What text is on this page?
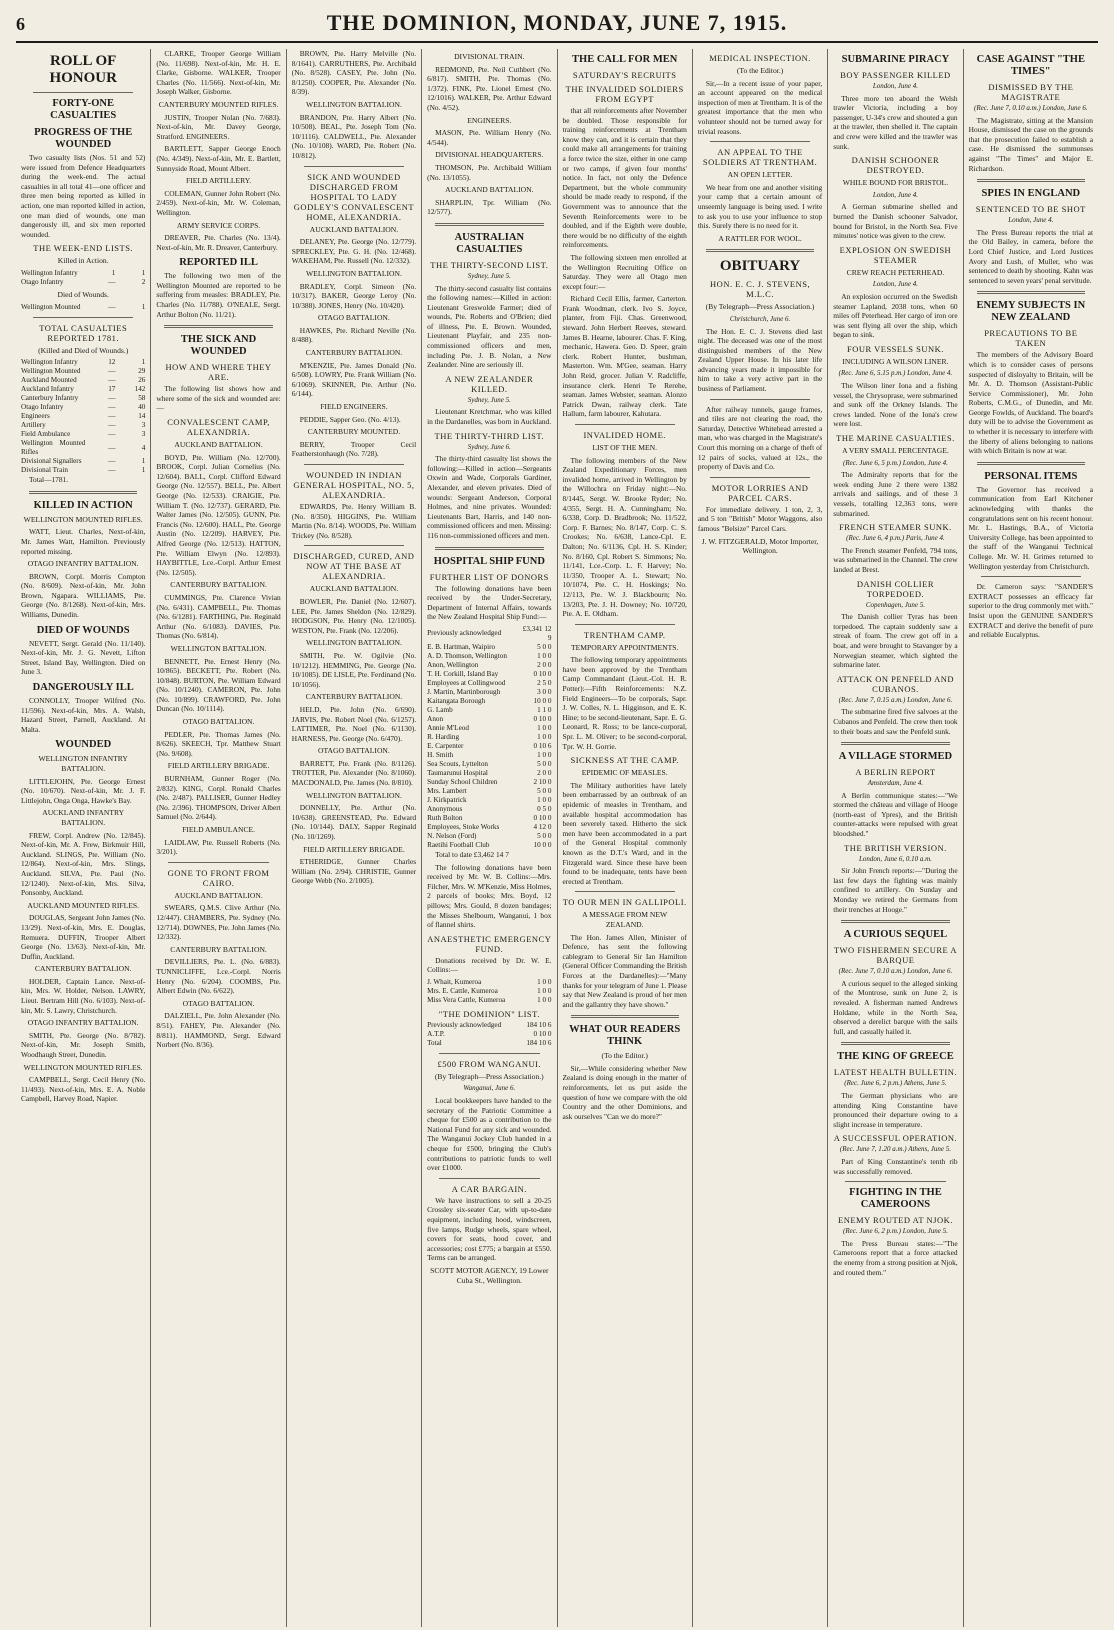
6	THE DOMINION, MONDAY, JUNE 7, 1915.
ROLL OF HONOUR
FORTY-ONE CASUALTIES
PROGRESS OF THE WOUNDED

Two casualty lists (Nos. 51 and 52) were issued from Defence Headquarters during the week-end. The actual casualties in all total 41—one officer and three men being reported as killed in action, one man reported killed in action, one man died of wounds, one man dangerously ill, and six men reported wounded.

THE WEEK-END LISTS.
Killed in Action.
Wellington Infantry	1	1
Otago Infantry	—	2
Died of Wounds.
Wellington Mounted	—	1
TOTAL CASUALTIES REPORTED 1781.
(Killed and Died of Wounds.)
Wellington Infantry	12	1
Wellington Mounted	—	29
Auckland Mounted	—	26
Auckland Infantry	17	142
Canterbury Infantry	—	58
Otago Infantry	—	40
Engineers	—	14
Artillery	—	3
Field Ambulance	—	3
Wellington Mounted Rifles	—	4
Divisional Signallers	—	1
Divisional Train	—	1

Total—1781.

KILLED IN ACTION
WELLINGTON MOUNTED RIFLES.

WATT, Lieut. Charles, Next-of-kin, Mr. James Watt, Hamilton. Previously reported missing.

OTAGO INFANTRY BATTALION.

BROWN, Corpl. Morris Compton (No. 8/609). Next-of-kin, Mr. John Brown, Ngapara. WILLIAMS, Pte. George (No. 8/1268). Next-of-kin, Mrs. Williams, Dunedin.

DIED OF WOUNDS

NEVETT, Sergt. Gerald (No. 11/140). Next-of-kin, Mr. J. G. Nevett, Lifton Street, Island Bay, Wellington. Died on June 3.

DANGEROUSLY ILL

CONNOLLY, Trooper Wilfred (No. 11/596). Next-of-kin, Mrs. A. Walsh, Hazard Street, Parnell, Auckland. At Malta.

WOUNDED
WELLINGTON INFANTRY BATTALION.

LITTLEJOHN, Pte. George Ernest (No. 10/670). Next-of-kin, Mr. J. F. Littlejohn, Onga Onga, Hawke's Bay.

AUCKLAND INFANTRY BATTALION.

FREW, Corpl. Andrew (No. 12/845). Next-of-kin, Mr. A. Frew, Birkmuir Hill, Auckland. SLINGS, Pte. William (No. 12/864). Next-of-kin, Mrs. Slings, Auckland. SILVA, Pte. Paul (No. 12/1240). Next-of-kin, Mrs. Silva, Ponsonby, Auckland.

AUCKLAND MOUNTED RIFLES.

DOUGLAS, Sergeant John James (No. 13/29). Next-of-kin, Mrs. E. Douglas, Remuera. DUFFIN, Trooper Albert George (No. 13/63). Next-of-kin, Mr. Duffin, Auckland.

CANTERBURY BATTALION.

HOLDER, Captain Lance. Next-of-kin, Mrs. W. Holder, Nelson. LAWRY, Lieut. Bertram Hill (No. 6/103). Next-of-kin, Mr. S. Lawry, Christchurch.

OTAGO INFANTRY BATTALION.

SMITH, Pte. George (No. 8/782). Next-of-kin, Mr. Joseph Smith, Woodhaugh Street, Dunedin.

WELLINGTON MOUNTED RIFLES.

CAMPBELL, Sergt. Cecil Henry (No. 11/493). Next-of-kin, Mrs. E. A. Noble Campbell, Harvey Road, Napier.

CLARKE, Trooper George William (No. 11/698). Next-of-kin, Mr. H. E. Clarke, Gisborne. WALKER, Trooper Charles (No. 11/566). Next-of-kin, Mr. Joseph Walker, Gisborne.

CANTERBURY MOUNTED RIFLES.

JUSTIN, Trooper Nolan (No. 7/683). Next-of-kin, Mr. Davey George, Stratford. ENGINEERS.

BARTLETT, Sapper George Enoch (No. 4/349). Next-of-kin, Mr. E. Bartlett, Sunnyside Road, Mount Albert.

FIELD ARTILLERY.

COLEMAN, Gunner John Robert (No. 2/459). Next-of-kin, Mr. W. Coleman, Wellington.

ARMY SERVICE CORPS.

DREAVER, Pte. Charles (No. 13/4). Next-of-kin, Mr. R. Dreaver, Canterbury.

REPORTED ILL

The following two men of the Wellington Mounted are reported to be suffering from measles: BRADLEY, Pte. Charles (No. 11/788). O'NEALE, Sergt. Arthur Bolton (No. 11/21).

THE SICK AND WOUNDED
HOW AND WHERE THEY ARE.

The following list shows how and where some of the sick and wounded are:—

CONVALESCENT CAMP, ALEXANDRIA.
AUCKLAND BATTALION.

BOYD, Pte. William (No. 12/700). BROOK, Corpl. Julian Cornelius (No. 12/604). BALL, Corpl. Clifford Edward George (No. 12/557). BELL, Pte. Albert George (No. 12/533). CRAIGIE, Pte. William T. (No. 12/737). GERARD, Pte. Walter James (No. 12/505). GUNN, Pte. Francis (No. 12/600). HALL, Pte. George Austin (No. 12/209). HARVEY, Pte. Alfred George (No. 12/513). HATTON, Pte. William Elwyn (No. 12/893). HAYBITTLE, Lce.-Corpl. Arthur Ernest (No. 12/505).

CANTERBURY BATTALION.

CUMMINGS, Pte. Clarence Vivian (No. 6/431). CAMPBELL, Pte. Thomas (No. 6/1281). FARTHING, Pte. Reginald Arthur (No. 6/1083). DAVIES, Pte. Thomas (No. 6/814).

WELLINGTON BATTALION.

BENNETT, Pte. Ernest Henry (No. 10/865). BECKETT, Pte. Robert (No. 10/848). BURTON, Pte. William Edward (No. 10/1240). CAMERON, Pte. John (No. 10/899). CRAWFORD, Pte. John Duncan (No. 10/1114).

OTAGO BATTALION.

PEDLER, Pte. Thomas James (No. 8/626). SKEECH, Tpr. Matthew Stuart (No. 9/608).

FIELD ARTILLERY BRIGADE.

BURNHAM, Gunner Roger (No. 2/832). KING, Corpl. Ronald Charles (No. 2/487). PALLISER, Gunner Hedley (No. 2/396). THOMPSON, Driver Albert Samuel (No. 2/644).

FIELD AMBULANCE.

LAIDLAW, Pte. Russell Roberts (No. 3/201).

GONE TO FRONT FROM CAIRO.
AUCKLAND BATTALION.

SWEARS, Q.M.S. Clive Arthur (No. 12/447). CHAMBERS, Pte. Sydney (No. 12/714). DOWNES, Pte. John James (No. 12/332).

CANTERBURY BATTALION.

DEVILLIERS, Pte. L. (No. 6/883). TUNNICLIFFE, Lce.-Corpl. Norris Henry (No. 6/204). COOMBS, Pte. Albert Edwin (No. 6/622).

OTAGO BATTALION.

DALZIELL, Pte. John Alexander (No. 8/51). FAHEY, Pte. Alexander (No. 8/811). HAMMOND, Sergt. Edward Norbert (No. 8/36).

BROWN, Pte. Harry Melville (No. 8/1641). CARRUTHERS, Pte. Archibald (No. 8/528). CASEY, Pte. John (No. 8/1250). COOPER, Pte. Alexander (No. 8/39).

WELLINGTON BATTALION.

BRANDON, Pte. Harry Albert (No. 10/508). BEAL, Pte. Joseph Tom (No. 10/1116). CALDWELL, Pte. Alexander (No. 10/108). WARD, Pte. Robert (No. 10/812).

SICK AND WOUNDED DISCHARGED FROM HOSPITAL TO LADY GODLEY'S CONVALESCENT HOME, ALEXANDRIA.
AUCKLAND BATTALION.

DELANEY, Pte. George (No. 12/779). SPRECKLEY, Pte. G. H. (No. 12/468). WAKEHAM, Pte. Russell (No. 12/332).

WELLINGTON BATTALION.

BRADLEY, Corpl. Simeon (No. 10/317). BAKER, George Leroy (No. 10/388). JONES, Henry (No. 10/420).

OTAGO BATTALION.

HAWKES, Pte. Richard Neville (No. 8/488).

CANTERBURY BATTALION.

M'KENZIE, Pte. James Donald (No. 6/508). LOWRY, Pte. Frank William (No. 6/1069). SKINNER, Pte. Arthur (No. 6/144).

FIELD ENGINEERS.

PEDDIE, Sapper Geo. (No. 4/13).

CANTERBURY MOUNTED.

BERRY, Trooper Cecil Featherstonhaugh (No. 7/28).

WOUNDED IN INDIAN GENERAL HOSPITAL, NO. 5, ALEXANDRIA.

EDWARDS, Pte. Henry William B. (No. 8/350). HIGGINS, Pte. William Martin (No. 8/14). WOODS, Pte. William Trickey (No. 8/528).

DISCHARGED, CURED, AND NOW AT THE BASE AT ALEXANDRIA.
AUCKLAND BATTALION.

BOWLER, Pte. Daniel (No. 12/607). LEE, Pte. James Sheldon (No. 12/829). HODGSON, Pte. Henry (No. 12/1005). WESTON, Pte. Frank (No. 12/206).

WELLINGTON BATTALION.

SMITH, Pte. W. Ogilvie (No. 10/1212). HEMMING, Pte. George (No. 10/1085). DE LISLE, Pte. Ferdinand (No. 10/1056).

CANTERBURY BATTALION.

HELD, Pte. John (No. 6/690). JARVIS, Pte. Robert Noel (No. 6/1257). LATTIMER, Pte. Noel (No. 6/1130). HARNESS, Pte. George (No. 6/470).

OTAGO BATTALION.

BARRETT, Pte. Frank (No. 8/1126). TROTTER, Pte. Alexander (No. 8/1060). MACDONALD, Pte. James (No. 8/810).

WELLINGTON BATTALION.

DONNELLY, Pte. Arthur (No. 10/638). GREENSTEAD, Pte. Edward (No. 10/144). DALY, Sapper Reginald (No. 10/1269).

FIELD ARTILLERY BRIGADE.

ETHERIDGE, Gunner Charles William (No. 2/94). CHRISTIE, Gunner George Webb (No. 2/1005).

DIVISIONAL TRAIN.

REDMOND, Pte. Neil Cuthbert (No. 6/817). SMITH, Pte. Thomas (No. 1/372). FINK, Pte. Lionel Ernest (No. 12/1016). WALKER, Pte. Arthur Edward (No. 4/52).

ENGINEERS.

MASON, Pte. William Henry (No. 4/544).

DIVISIONAL HEADQUARTERS.

THOMSON, Pte. Archibald William (No. 13/1055).

AUCKLAND BATTALION.

SHARPLIN, Tpr. William (No. 12/577).

AUSTRALIAN CASUALTIES
THE THIRTY-SECOND LIST.
Sydney, June 5.

The thirty-second casualty list contains the following names:—Killed in action: Lieutenant Greswolde Farmer; died of wounds, Pte. Roberts and O'Brien; died of illness, Pte. E. Brown. Wounded, Lieutenant Playfair, and 235 non-commissioned officers and men, including Pte. J. B. Nolan, a New Zealander. Nine are seriously ill.

A NEW ZEALANDER KILLED.
Sydney, June 5.

Lieutenant Kretchmar, who was killed in the Dardanelles, was born in Auckland.

THE THIRTY-THIRD LIST.
Sydney, June 6.

The thirty-third casualty list shows the following:—Killed in action—Sergeants Oxwin and Wade, Corporals Gardiner, Alexander, and eleven privates. Died of wounds: Sergeant Anderson, Corporal Holmes, and nine privates. Wounded: Lieutenants Bart, Harris, and 140 non-commissioned officers and men. Missing: 116 non-commissioned officers and men.

HOSPITAL SHIP FUND
FURTHER LIST OF DONORS

The following donations have been received by the Under-Secretary, Department of Internal Affairs, towards the New Zealand Hospital Ship Fund:—

Previously acknowledged	£3,341 12 9
E. B. Hartman, Waipiro	5 0 0
A. D. Thomson, Wellington	1 0 0
Anon, Wellington	2 0 0
T. H. Corkill, Island Bay	0 10 0
Employees at Collingwood	2 5 0
J. Martin, Martinborough	3 0 0
Kaitangata Borough	10 0 0
G. Lamb	1 1 0
Anon	0 10 0
Annie M'Leod	1 0 0
R. Harding	1 0 0
E. Carpenter	0 10 6
H. Smith	1 0 0
Sea Scouts, Lyttelton	5 0 0
Taumarunui Hospital	2 0 0
Sunday School Children	2 10 0
Mrs. Lambert	5 0 0
J. Kirkpatrick	1 0 0
Anonymous	0 5 0
Ruth Bolton	0 10 0
Employees, Stoke Works	4 12 0
N. Nelson (Ford)	5 0 0
Raetihi Football Club	10 0 0

Total to date £3,462 14 7

The following donations have been received by Mr. W. B. Collins:—Mrs. Filcher, Mrs. W. M'Kenzie, Miss Holmes, 2 parcels of books; Mrs. Boyd, 12 pillows; Mrs. Gould, 8 dozen bandages; the Misses Shelbourn, Wanganui, 1 box of flannel shirts.

ANAESTHETIC EMERGENCY FUND.

Donations received by Dr. W. E. Collins:—

J. Whait, Kumeroa	1 0 0
Mrs. E. Cattle, Kumeroa	1 0 0
Miss Vera Cattle, Kumeroa	1 0 0
"THE DOMINION" LIST.
Previously acknowledged	184 10 6
A.T.P.	0 10 0
Total	184 10 6
£500 FROM WANGANUI.
(By Telegraph—Press Association.)
Wanganui, June 6.

Local bookkeepers have handed to the secretary of the Patriotic Committee a cheque for £500 as a contribution to the National Fund for any sick and wounded. The Wanganui Jockey Club handed in a cheque for £500, bringing the Club's contributions to patriotic funds to well over £1000.

A CAR BARGAIN.

We have instructions to sell a 20-25 Crossley six-seater Car, with up-to-date equipment, including hood, windscreen, five lamps, Rudge wheels, spare wheel, covers for seats, hood cover, and accessories; cost £775; a bargain at £550. Terms can be arranged.

SCOTT MOTOR AGENCY, 19 Lower Cuba St., Wellington.
THE CALL FOR MEN
SATURDAY'S RECRUITS
THE INVALIDED SOLDIERS FROM EGYPT

that all reinforcements after November be doubled. Those responsible for training reinforcements at Trentham know they can, and it is certain that they could make all arrangements for training a force twice the size, either in one camp or two camps, if given four months' notice. In fact, not only the Defence Department, but the whole community should be made ready to respond, if the Government was to announce that the Seventh Reinforcements were to be doubled, and if the Eighth were double, there would be no difficulty of the eighth reinforcements.

The following sixteen men enrolled at the Wellington Recruiting Office on Saturday. They were all Otago men except four:—

Richard Cecil Ellis, farmer, Carterton. Frank Woodman, clerk. Ivo S. Joyce, planter, from Fiji. Chas. Greenwood, steward. John Herbert Reeves, steward. James B. Hearne, labourer. Chas. F. King, mechanic, Hawera. Geo. D. Speer, grain clerk. Robert Hunter, bushman, Masterton. Wm. M'Gee, seaman. Harry John Reid, grocer. Julian V. Radcliffe, insurance clerk. Henri Te Rerehe, seaman. James Webster, seaman. Alonzo Patrick Dwan, railway clerk. Tate Hallum, farm labourer, Kahutara.

INVALIDED HOME.
LIST OF THE MEN.

The following members of the New Zealand Expeditionary Forces, men invalided home, arrived in Wellington by the Willochra on Friday night:—No. 8/1445, Sergt. W. Brooke Ryder; No. 4/355, Sergt. H. A. Cunningham; No. 6/338, Corp. D. Bradbrook; No. 11/522, Corp. F. Barnes; No. 8/147, Corp. C. S. Crookes; No. 6/638, Lance-Cpl. E. Dalton; No. 6/1136, Cpl. H. S. Kinder; No. 8/160, Cpl. Robert S. Simmons; No. 11/141, Lce.-Corp. L. F. Harvey; No. 11/350, Trooper A. L. Stewart; No. 10/1074, Pte. C. H. Hoskings; No. 12/113, Pte. W. J. Blackbourn; No. 13/203, Pte. J. H. Downey; No. 10/720, Pte. A. E. Oldham.

TRENTHAM CAMP.
TEMPORARY APPOINTMENTS.

The following temporary appointments have been approved by the Trentham Camp Commandant (Lieut.-Col. H. R. Potter):—Fifth Reinforcements: N.Z. Field Engineers—To be corporals, Sapr. J. W. Colles, N. L. Higginson, and E. K. Hine; to be second-lieutenant, Sapr. E. G. Leonard, R. Ross; to be lance-corporal, Spr. L. M. Oliver; to be second-corporal, Tpr. W. H. Gorrie.

SICKNESS AT THE CAMP.
EPIDEMIC OF MEASLES.

The Military authorities have lately been embarrassed by an outbreak of an epidemic of measles in Trentham, and available hospital accommodation has been severely taxed. Hitherto the sick men have been accommodated in a part of the General Hospital commonly known as the D.T.'s Ward, and in the Fitzgerald ward. Since these have been found to be inadequate, tents have been erected at Trentham.

TO OUR MEN IN GALLIPOLI.
A MESSAGE FROM NEW ZEALAND.

The Hon. James Allen, Minister of Defence, has sent the following cablegram to General Sir Ian Hamilton (General Officer Commanding the British Forces at the Dardanelles):—"Many thanks for your telegram of June 1. Please say that New Zealand is proud of her men and the gallantry they have shown."

WHAT OUR READERS THINK
(To the Editor.)

Sir,—While considering whether New Zealand is doing enough in the matter of reinforcements, let us put aside the question of how we compare with the old Country and the other Dominions, and ask ourselves "Can we do more?"

MEDICAL INSPECTION.
(To the Editor.)

Sir,—In a recent issue of your paper, an account appeared on the medical inspection of men at Trentham. It is of the greatest importance that the men who volunteer should not be turned away for trivial reasons.

AN APPEAL TO THE SOLDIERS AT TRENTHAM.
AN OPEN LETTER.

We hear from one and another visiting your camp that a certain amount of unseemly language is being used. I write to ask you to use your influence to stop this. Surely there is no need for it.

A RATTLER FOR WOOL.
OBITUARY
HON. E. C. J. STEVENS, M.L.C.
(By Telegraph—Press Association.)
Christchurch, June 6.

The Hon. E. C. J. Stevens died last night. The deceased was one of the most distinguished members of the New Zealand Upper House. In his later life advancing years made it impossible for him to take a very active part in the business of Parliament.

After railway tunnels, gauge frames, and tiles are not clearing the road, the Saturday, Detective Whitehead arrested a man, who was charged in the Magistrate's Court this morning on a charge of theft of 12 pairs of socks, valued at 12s., the property of Davis and Co.

MOTOR LORRIES AND PARCEL CARS.

For immediate delivery. 1 ton, 2, 3, and 5 ton "British" Motor Waggons, also famous "Belsize" Parcel Cars.

J. W. FITZGERALD, Motor Importer, Wellington.
SUBMARINE PIRACY
BOY PASSENGER KILLED
London, June 4.

Three more ten aboard the Welsh trawler Victoria, including a boy passenger, U-34's crew and shouted a gun at the trawler, then shelled it. The captain and crew were killed and the trawler was sunk.

DANISH SCHOONER DESTROYED.
WHILE BOUND FOR BRISTOL.
London, June 4.

A German submarine shelled and burned the Danish schooner Salvador, bound for Bristol, in the North Sea. Five minutes' notice was given to the crew.

EXPLOSION ON SWEDISH STEAMER
CREW REACH PETERHEAD.
London, June 4.

An explosion occurred on the Swedish steamer Lapland, 2038 tons, when 60 miles off Peterhead. Her cargo of iron ore was sent flying all over the ship, which began to sink.

FOUR VESSELS SUNK.
INCLUDING A WILSON LINER.
(Rec. June 6, 5.15 p.m.) London, June 4.

The Wilson liner Iona and a fishing vessel, the Chrysoprase, were submarined and sunk off the Orkney Islands. The crews landed. None of the Iona's crew were lost.

THE MARINE CASUALTIES.
A VERY SMALL PERCENTAGE.
(Rec. June 6, 5 p.m.) London, June 4.

The Admiralty reports that for the week ending June 2 there were 1382 arrivals and sailings, and of these 3 vessels, totalling 12,363 tons, were submarined.

FRENCH STEAMER SUNK.
(Rec. June 6, 4 p.m.) Paris, June 4.

The French steamer Penfeld, 794 tons, was submarined in the Channel. The crew landed at Brest.

DANISH COLLIER TORPEDOED.
Copenhagen, June 5.

The Danish collier Tyras has been torpedoed. The captain suddenly saw a streak of foam. The crew got off in a boat, and were brought to Stavanger by a Norwegian steamer, which sighted the submarine later.

ATTACK ON PENFELD AND CUBANOS.
(Rec. June 7, 0.15 a.m.) London, June 6.

The submarine fired five salvoes at the Cubanos and Penfeld. The crew then took to their boats and saw the Penfeld sunk.

A VILLAGE STORMED
A BERLIN REPORT
Amsterdam, June 4.

A Berlin communique states:—"We stormed the château and village of Hooge (north-east of Ypres), and the British counter-attacks were repulsed with great bloodshed."

THE BRITISH VERSION.
London, June 6, 0.10 a.m.

Sir John French reports:—"During the last few days the fighting was mainly confined to artillery. On Sunday and Monday we retired the Germans from their trenches at Hooge."

A CURIOUS SEQUEL
TWO FISHERMEN SECURE A BARQUE
(Rec. June 7, 0.10 a.m.) London, June 6.

A curious sequel to the alleged sinking of the Montrose, sunk on June 2, is revealed. A fisherman named Andrews Holdane, while in the North Sea, observed a derelict barque with the sails full, and casually hailed it.

THE KING OF GREECE
LATEST HEALTH BULLETIN.
(Rec. June 6, 2 p.m.) Athens, June 5.

The German physicians who are attending King Constantine have pronounced their departure owing to a slight increase in temperature.

A SUCCESSFUL OPERATION.
(Rec. June 7, 1.20 a.m.) Athens, June 5.

Part of King Constantine's tenth rib was successfully removed.

FIGHTING IN THE CAMEROONS
ENEMY ROUTED AT NJOK.
(Rec. June 6, 2 p.m.) London, June 5.

The Press Bureau states:—"The Cameroons report that a force attacked the enemy from a strong position at Njok, and routed them."

CASE AGAINST "THE TIMES"
DISMISSED BY THE MAGISTRATE
(Rec. June 7, 0.10 a.m.) London, June 6.

The Magistrate, sitting at the Mansion House, dismissed the case on the grounds that the prosecution failed to establish a case. He dismissed the summonses against "The Times" and Major E. Richardson.

SPIES IN ENGLAND
SENTENCED TO BE SHOT
London, June 4.

The Press Bureau reports the trial at the Old Bailey, in camera, before the Lord Chief Justice, and Lord Justices Avory and Lush, of Muller, who was sentenced to death by shooting. Kahn was sentenced to seven years' penal servitude.

ENEMY SUBJECTS IN NEW ZEALAND
PRECAUTIONS TO BE TAKEN

The members of the Advisory Board which is to consider cases of persons suspected of disloyalty to Britain, will be Mr. A. D. Thomson (Assistant-Public Service Commissioner), Mr. John Roberts, C.M.G., of Dunedin, and Mr. George Fowlds, of Auckland. The board's duty will be to advise the Government as to whether it is necessary to interfere with the liberty of aliens belonging to nations with which Britain is now at war.

PERSONAL ITEMS

The Governor has received a communication from Earl Kitchener acknowledging with thanks the congratulations sent on his recent honour. Mr. L. Hastings, B.A., of Victoria University College, has been appointed to the staff of the Wanganui Technical College. Mr. W. H. Grimes returned to Wellington yesterday from Christchurch.

Dr. Cameron says: "SANDER'S EXTRACT possesses an efficacy far superior to the drug commonly met with." Insist upon the GENUINE SANDER'S EXTRACT and derive the benefit of pure and reliable Eucalyptus.
